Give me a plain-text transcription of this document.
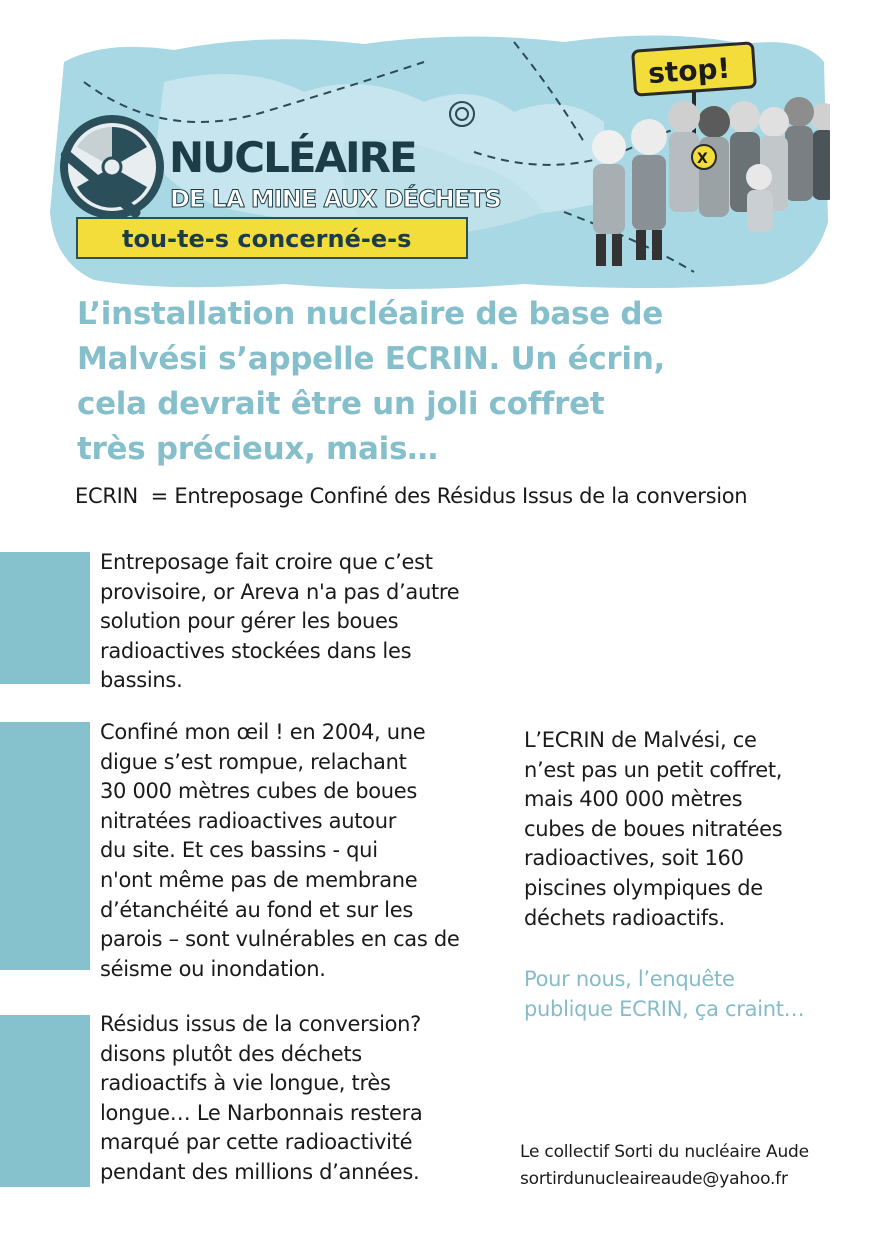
NUCLÉAIRE
DE LA MINE AUX DÉCHETS
tou-te-s concerné-e-s
stop!
X
L’installation nucléaire de base de
Malvési s’appelle ECRIN. Un écrin,
cela devrait être un joli coffret
très précieux, mais…
ECRIN  = Entreposage Confiné des Résidus Issus de la conversion

Entreposage fait croire que c’est
provisoire, or Areva n'a pas d’autre
solution pour gérer les boues
radioactives stockées dans les
bassins.

Confiné mon œil ! en 2004, une
digue s’est rompue, relachant
30 000 mètres cubes de boues
nitratées radioactives autour
du site. Et ces bassins - qui
n'ont même pas de membrane
d’étanchéité au fond et sur les
parois – sont vulnérables en cas de
séisme ou inondation.

Résidus issus de la conversion?
disons plutôt des déchets
radioactifs à vie longue, très
longue… Le Narbonnais restera
marqué par cette radioactivité
pendant des millions d’années.

L’ECRIN de Malvési, ce
n’est pas un petit coffret,
mais 400 000 mètres
cubes de boues nitratées
radioactives, soit 160
piscines olympiques de
déchets radioactifs.

Pour nous, l’enquête
publique ECRIN, ça craint…

Le collectif Sorti du nucléaire Aude
sortirdunucleaireaude@yahoo.fr
